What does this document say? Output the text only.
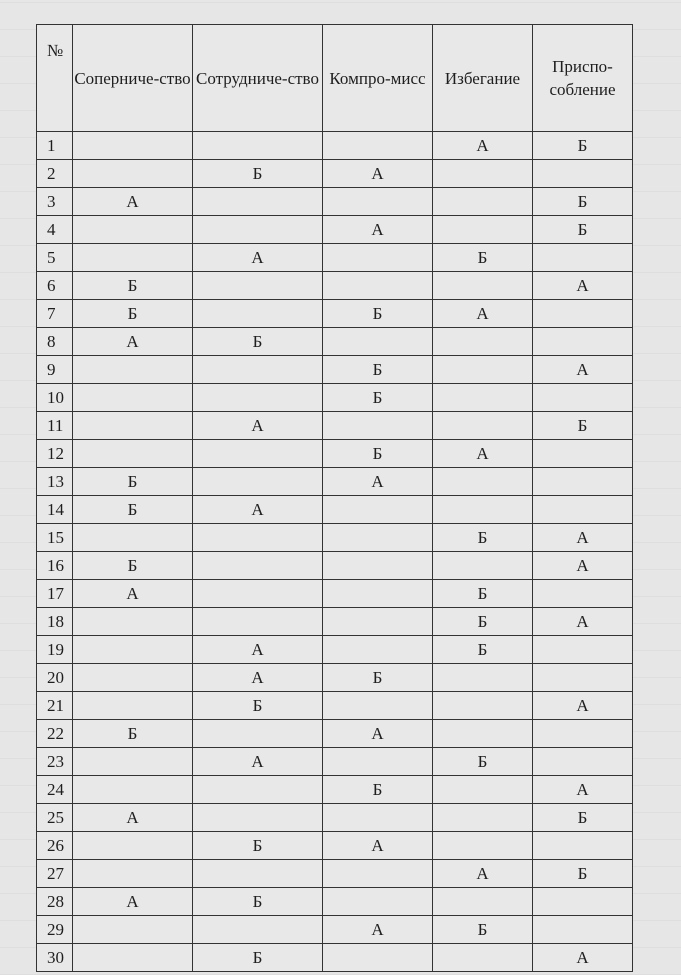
№	Соперниче-ство	Сотрудниче-ство	Компро-мисс	Избегание	Приспо-собление
1				А	Б
2		Б	А		
3	А				Б
4			А		Б
5		А		Б	
6	Б				А
7	Б		Б	А	
8	А	Б			
9			Б		А
10			Б		
11		А			Б
12			Б	А	
13	Б		А		
14	Б	А			
15				Б	А
16	Б				А
17	А			Б	
18				Б	А
19		А		Б	
20		А	Б		
21		Б			А
22	Б		А		
23		А		Б	
24			Б		А
25	А				Б
26		Б	А		
27				А	Б
28	А	Б			
29			А	Б	
30		Б			А
